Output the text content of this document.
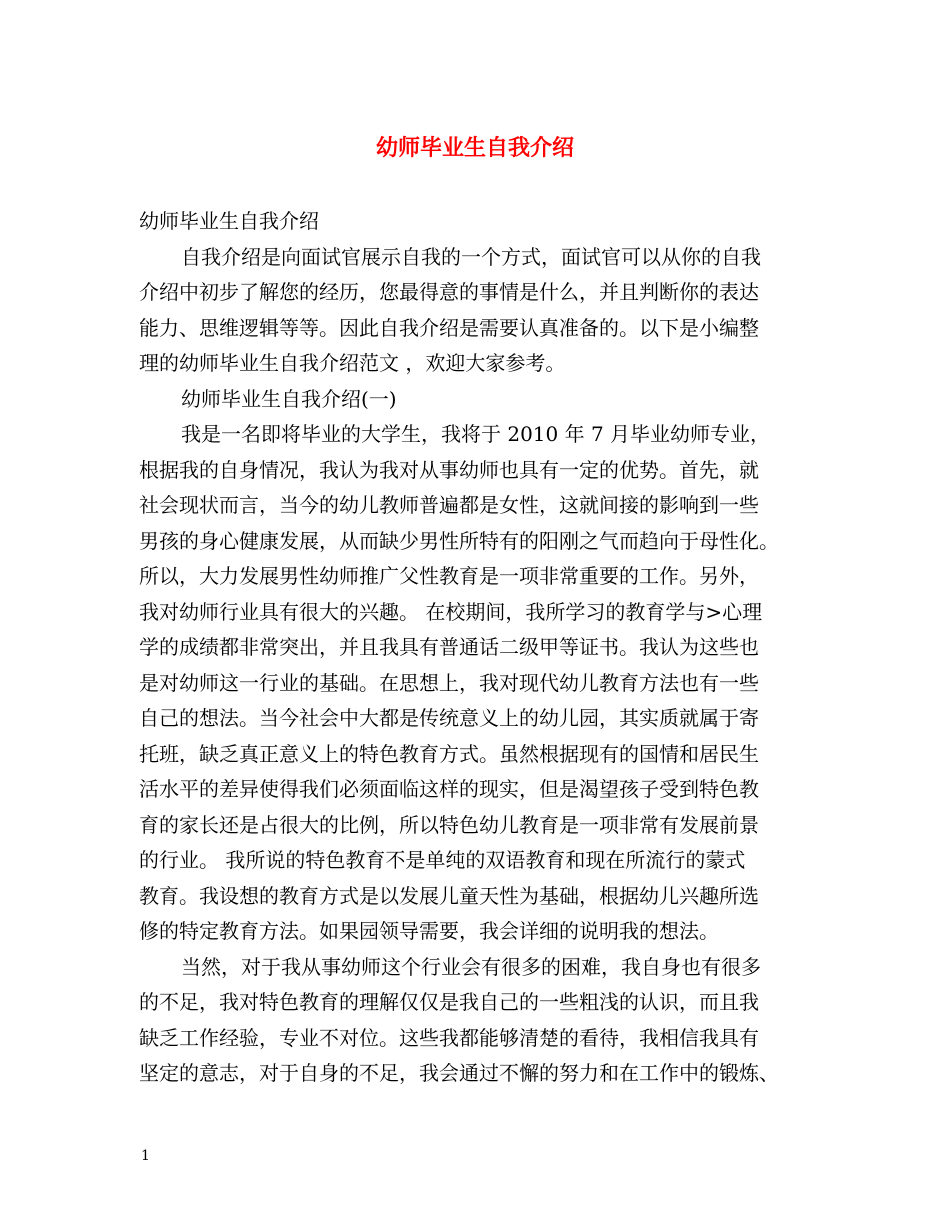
幼师毕业生自我介绍
幼师毕业生自我介绍
自我介绍是向面试官展示自我的一个方式，面试官可以从你的自我
介绍中初步了解您的经历，您最得意的事情是什么，并且判断你的表达
能力、思维逻辑等等。因此自我介绍是需要认真准备的。以下是小编整
理的幼师毕业生自我介绍范文 ，欢迎大家参考。
幼师毕业生自我介绍(一)
我是一名即将毕业的大学生，我将于 2010 年 7 月毕业幼师专业，
根据我的自身情况，我认为我对从事幼师也具有一定的优势。首先，就
社会现状而言，当今的幼儿教师普遍都是女性，这就间接的影响到一些
男孩的身心健康发展，从而缺少男性所特有的阳刚之气而趋向于母性化。
所以，大力发展男性幼师推广父性教育是一项非常重要的工作。另外，
我对幼师行业具有很大的兴趣。 在校期间，我所学习的教育学与>心理
学的成绩都非常突出，并且我具有普通话二级甲等证书。我认为这些也
是对幼师这一行业的基础。在思想上，我对现代幼儿教育方法也有一些
自己的想法。当今社会中大都是传统意义上的幼儿园，其实质就属于寄
托班，缺乏真正意义上的特色教育方式。虽然根据现有的国情和居民生
活水平的差异使得我们必须面临这样的现实，但是渴望孩子受到特色教
育的家长还是占很大的比例，所以特色幼儿教育是一项非常有发展前景
的行业。 我所说的特色教育不是单纯的双语教育和现在所流行的蒙式
教育。我设想的教育方式是以发展儿童天性为基础，根据幼儿兴趣所选
修的特定教育方法。如果园领导需要，我会详细的说明我的想法。
当然，对于我从事幼师这个行业会有很多的困难，我自身也有很多
的不足，我对特色教育的理解仅仅是我自己的一些粗浅的认识，而且我
缺乏工作经验，专业不对位。这些我都能够清楚的看待，我相信我具有
坚定的意志，对于自身的不足，我会通过不懈的努力和在工作中的锻炼、
1
